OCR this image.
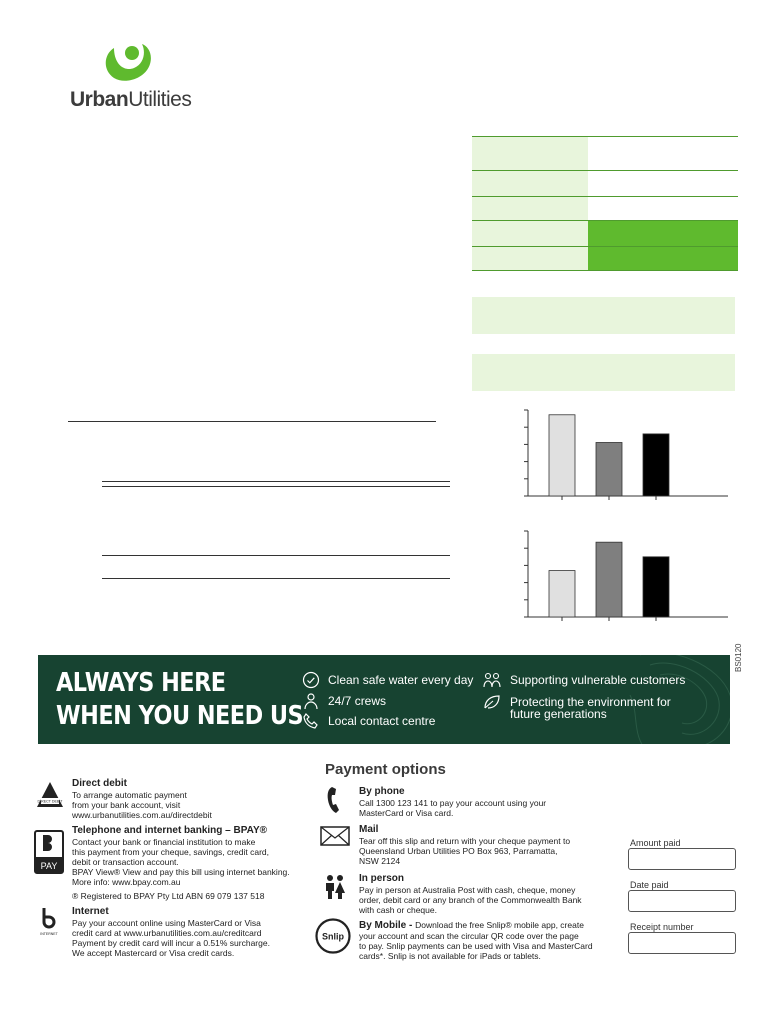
UrbanUtilities
ALWAYS HERE
WHEN YOU NEED US
Clean safe water every day
24/7 crews
Local contact centre
Supporting vulnerable customers
Protecting the environment for
future generations
BS0120
Payment options
DIRECT DEBIT
Direct debit
To arrange automatic payment
from your bank account, visit
www.urbanutilities.com.au/directdebit
PAY
Telephone and internet banking – BPAY®
Contact your bank or financial institution to make
this payment from your cheque, savings, credit card,
debit or transaction account.
BPAY View® View and pay this bill using internet banking.
More info: www.bpay.com.au
® Registered to BPAY Pty Ltd ABN 69 079 137 518
INTERNET
Internet
Pay your account online using MasterCard or Visa
credit card at www.urbanutilities.com.au/creditcard
Payment by credit card will incur a 0.51% surcharge.
We accept Mastercard or Visa credit cards.
By phone
Call 1300 123 141 to pay your account using your
MasterCard or Visa card.
Mail
Tear off this slip and return with your cheque payment to
Queensland Urban Utilities PO Box 963, Parramatta,
NSW 2124
In person
Pay in person at Australia Post with cash, cheque, money
order, debit card or any branch of the Commonwealth Bank
with cash or cheque.
Snlip
By Mobile - Download the free Snlip® mobile app, create
your account and scan the circular QR code over the page
to pay. Snlip payments can be used with Visa and MasterCard
cards*. Snlip is not available for iPads or tablets.
Amount paid
Date paid
Receipt number
